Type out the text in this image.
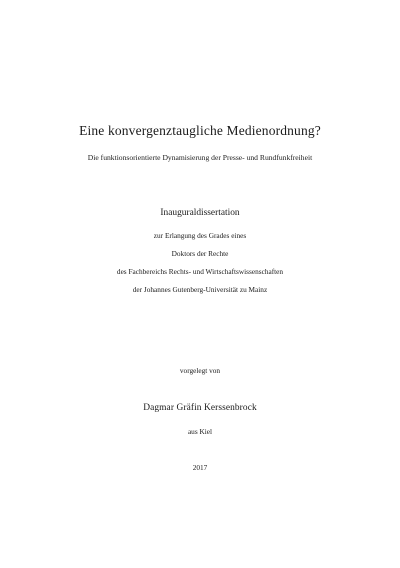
Eine konvergenztaugliche Medienordnung?
Die funktionsorientierte Dynamisierung der Presse- und Rundfunkfreiheit
Inauguraldissertation
zur Erlangung des Grades eines
Doktors der Rechte
des Fachbereichs Rechts- und Wirtschaftswissenschaften
der Johannes Gutenberg-Universität zu Mainz
vorgelegt von
Dagmar Gräfin Kerssenbrock
aus Kiel
2017
